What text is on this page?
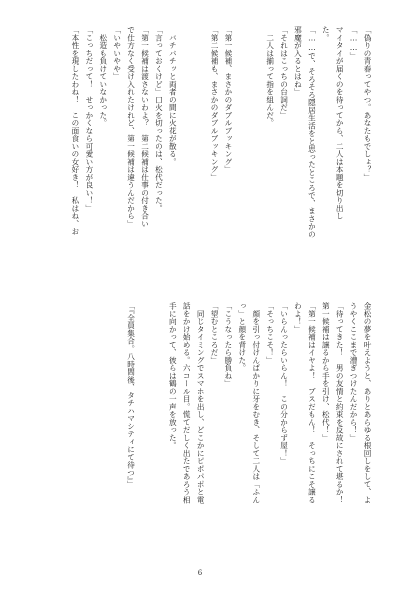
「偽りの青春ってやつ。あなたもでしょ？」
「……」
マイタイが届くのを待ってから、二人は本題を切り出し
た。
「……で、そろそろ隠居生活をと思ったところで、まさかの
邪魔が入るとはね」
「それはこっちの台詞だ」
　二人は揃って指を組んだ。

「第一候補、まさかのダブルブッキング」
「第二候補も、まさかのダブルブッキング」

　バチバチッと両者の間に火花が散る。
「言っておくけど」口火を切ったのは、松代だった。
「第一候補は渡さないわよ？　第二候補は仕事の付き合い
で仕方なく受け入れたけれど、第一候補は違うんだから」
「いやいやや」
　松造も負けていなかった。
「こっちだって！　せっかくなら可愛い方が良い！」
「本性を現したわね！　この面食いの女好き！　私はね、お
金松の夢を叶えようと、ありとあらゆる根回しをして、よ
うやくここまで漕ぎつけたんだから！」
「待ってきた！　男の友情と約束を反故にされて堪るか！
第一候補は譲るから手を引け、松代！」
「第一候補はイヤよ！　ブスだもん！　そっちにこそ譲る
わよ！」
「いらんったらいらん！　この分からず屋！」
「そっちこそ！」
　顔を引っ付けんばかりに牙をむき、そして二人は「ふん
っ」と顔を背けた。
「こうなったら勝負ね」
「望むところだ」
　同じタイミングでスマホを出し、どこかにピポパポと電
話をかけ始める。六コール目。慌てだしく出たであろう相
手に向かって、彼らは鶴の一声を放った。

「『全員集合。八時間後、タチハマシティにて待つ』」
6
